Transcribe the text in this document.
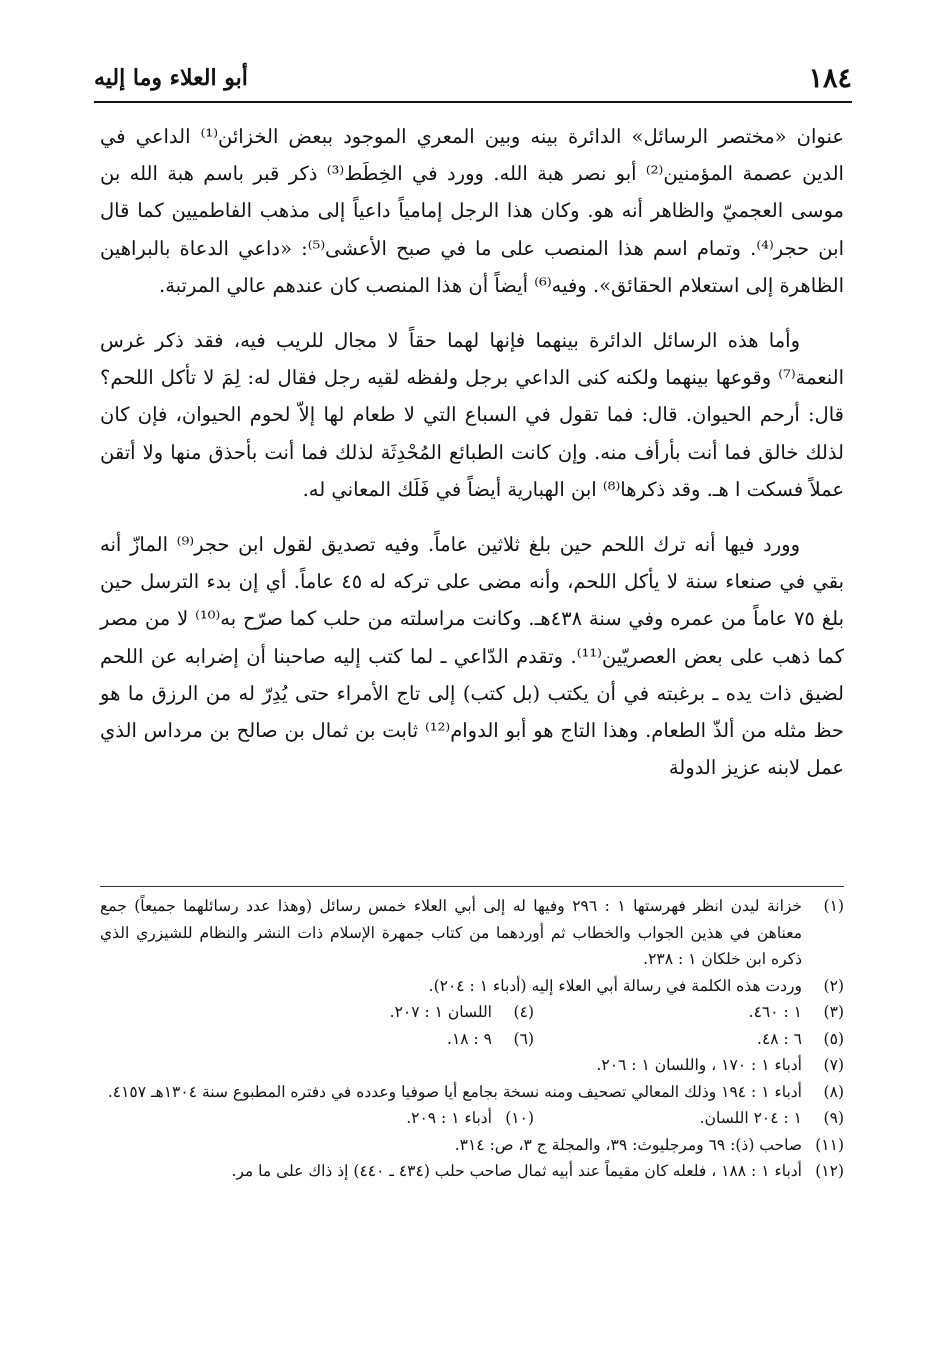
١٨٤
أبو العلاء وما إليه

عنوان «مختصر الرسائل» الدائرة بينه وبين المعري الموجود ببعض الخزائن⁽¹⁾ الداعي في الدين عصمة المؤمنين⁽²⁾ أبو نصر هبة الله. وورد في الخِطَط⁽³⁾ ذكر قبر باسم هبة الله بن موسى العجميّ والظاهر أنه هو. وكان هذا الرجل إمامياً داعياً إلى مذهب الفاطميين كما قال ابن حجر⁽⁴⁾. وتمام اسم هذا المنصب على ما في صبح الأعشى⁽⁵⁾: «داعي الدعاة بالبراهين الظاهرة إلى استعلام الحقائق». وفيه⁽⁶⁾ أيضاً أن هذا المنصب كان عندهم عالي المرتبة.

وأما هذه الرسائل الدائرة بينهما فإنها لهما حقاً لا مجال للريب فيه، فقد ذكر غرس النعمة⁽⁷⁾ وقوعها بينهما ولكنه كنى الداعي برجل ولفظه لقيه رجل فقال له: لِمَ لا تأكل اللحم؟ قال: أرحم الحيوان. قال: فما تقول في السباع التي لا طعام لها إلاّ لحوم الحيوان، فإن كان لذلك خالق فما أنت بأرأف منه. وإن كانت الطبائع المُحْدِثَة لذلك فما أنت بأحذق منها ولا أتقن عملاً فسكت ا هـ. وقد ذكرها⁽⁸⁾ ابن الهبارية أيضاً في فَلَك المعاني له.

وورد فيها أنه ترك اللحم حين بلغ ثلاثين عاماً. وفيه تصديق لقول ابن حجر⁽⁹⁾ المازّ أنه بقي في صنعاء سنة لا يأكل اللحم، وأنه مضى على تركه له ٤٥ عاماً. أي إن بدء الترسل حين بلغ ٧٥ عاماً من عمره وفي سنة ٤٣٨هـ. وكانت مراسلته من حلب كما صرّح به⁽¹⁰⁾ لا من مصر كما ذهب على بعض العصريّين⁽¹¹⁾. وتقدم الدّاعي ـ لما كتب إليه صاحبنا أن إضرابه عن اللحم لضيق ذات يده ـ برغبته في أن يكتب (بل كتب) إلى تاج الأمراء حتى يُدِرّ له من الرزق ما هو حظ مثله من ألذّ الطعام. وهذا التاج هو أبو الدوام⁽¹²⁾ ثابت بن ثمال بن صالح بن مرداس الذي عمل لابنه عزيز الدولة

(١)
خزانة ليدن انظر فهرستها ١ : ٢٩٦ وفيها له إلى أبي العلاء خمس رسائل (وهذا عدد رسائلهما جميعاً) جمع معناهن في هذين الجواب والخطاب ثم أوردهما من كتاب جمهرة الإسلام ذات النشر والنظام للشيزري الذي ذكره ابن خلكان ١ : ٢٣٨.
(٢)
وردت هذه الكلمة في رسالة أبي العلاء إليه (أدباء ١ : ٢٠٤).
(٣)
١ : ٤٦٠.
(٤)
اللسان ١ : ٢٠٧.
(٥)
٦ : ٤٨.
(٦)
٩ : ١٨.
(٧)
أدباء ١ : ١٧٠ ، واللسان ١ : ٢٠٦.
(٨)
أدباء ١ : ١٩٤ وذلك المعالي تصحيف ومنه نسخة بجامع أيا صوفيا وعدده في دفتره المطبوع سنة ١٣٠٤هـ ٤١٥٧.
(٩)
١ : ٢٠٤ اللسان.
(١٠)
أدباء ١ : ٢٠٩.
(١١)
صاحب (ذ): ٦٩ ومرجليوث: ٣٩، والمجلة ج ٣، ص: ٣١٤.
(١٢)
أدباء ١ : ١٨٨ ، فلعله كان مقيماً عند أبيه ثمال صاحب حلب (٤٣٤ ـ ٤٤٠) إذ ذاك على ما مر.
